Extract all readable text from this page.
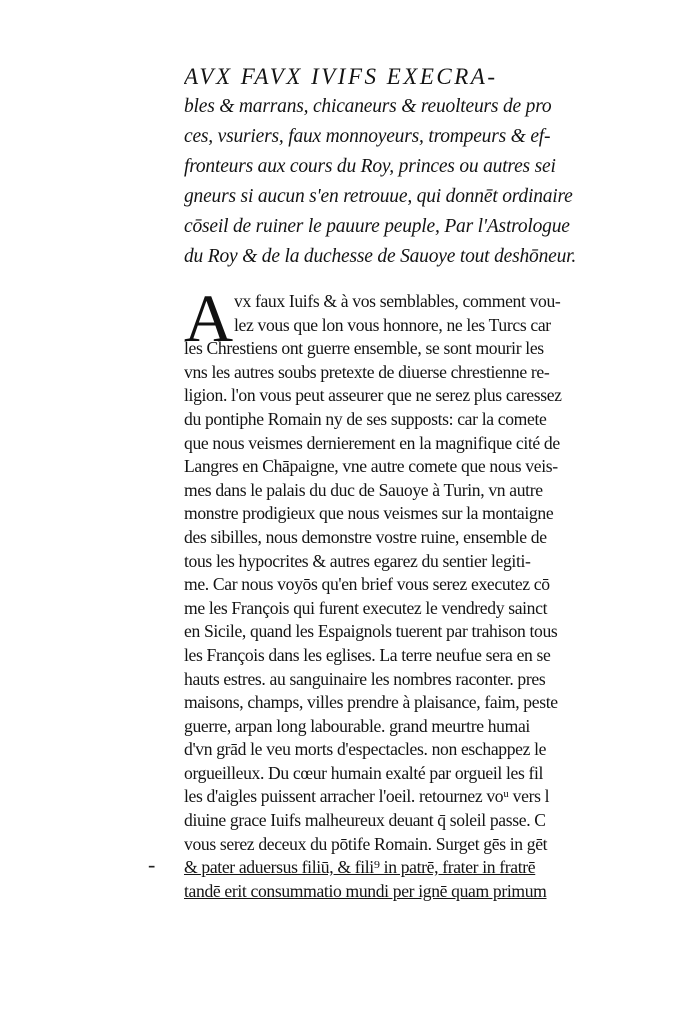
-
AVX FAVX IVIFS EXECRA-
bles & marrans, chicaneurs & reuolteurs de pro
ces, vsuriers, faux monnoyeurs, trompeurs & ef-
fronteurs aux cours du Roy, princes ou autres sei
gneurs si aucun s'en retrouue, qui donnēt ordinaire
cōseil de ruiner le pauure peuple, Par l'Astrologue
du Roy & de la duchesse de Sauoye tout deshōneur.
A vx faux Iuifs & à vos semblables, comment vou-
lez vous que lon vous honnore, ne les Turcs car
les Chrestiens ont guerre ensemble, se sont mourir les
vns les autres soubs pretexte de diuerse chrestienne re-
ligion. l'on vous peut asseurer que ne serez plus caressez
du pontiphe Romain ny de ses supposts: car la comete
que nous veismes dernierement en la magnifique cité de
Langres en Chāpaigne, vne autre comete que nous veis-
mes dans le palais du duc de Sauoye à Turin, vn autre
monstre prodigieux que nous veismes sur la montaigne
des sibilles, nous demonstre vostre ruine, ensemble de
tous les hypocrites & autres egarez du sentier legiti-
me. Car nous voyōs qu'en brief vous serez executez cō
me les François qui furent executez le vendredy sainct
en Sicile, quand les Espaignols tuerent par trahison tous
les François dans les eglises. La terre neufue sera en se
hauts estres. au sanguinaire les nombres raconter. pres
maisons, champs, villes prendre à plaisance, faim, peste
guerre, arpan long labourable. grand meurtre humai
d'vn grād le veu morts d'espectacles. non eschappez le
orgueilleux. Du cœur humain exalté par orgueil les fil
les d'aigles puissent arracher l'oeil. retournez voᵘ vers l
diuine grace Iuifs malheureux deuant q̄ soleil passe. C
vous serez deceux du pōtife Romain. Surget gēs in gēt
& pater aduersus filiū, & fili⁹ in patrē, frater in fratrē
tandē erit consummatio mundi per ignē quam primum
